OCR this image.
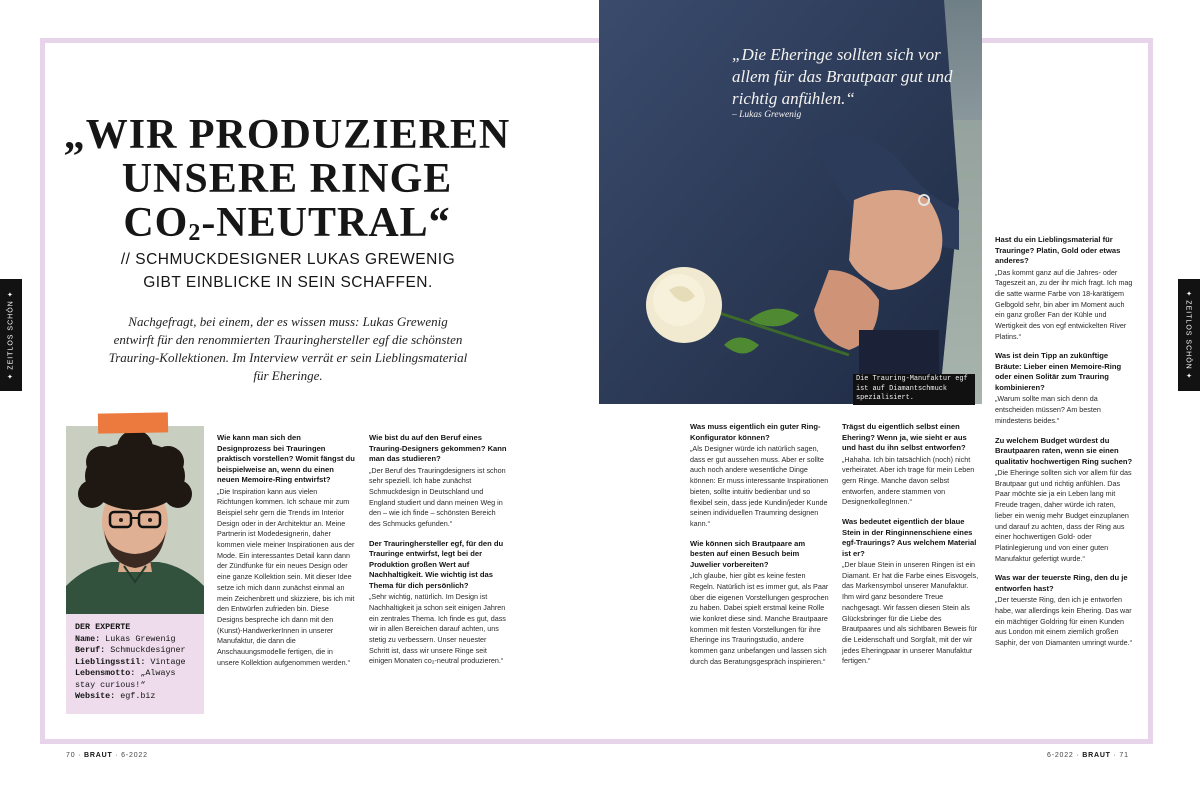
✦ ZEITLOS SCHÖN ✦	✦ ZEITLOS SCHÖN ✦
„WIR PRODUZIEREN
UNSERE RINGE
$CO_2-NEUTRAL“$
// SCHMUCKDESIGNER LUKAS GREWENIG
GIBT EINBLICKE IN SEIN SCHAFFEN.

Nachgefragt, bei einem, der es wissen muss: Lukas Grewenig entwirft für den renommierten Trauringhersteller egf die schönsten Trauring-Kollektionen. Im Interview verrät er sein Lieblingsmaterial für Eheringe.

DER EXPERTE
Name: Lukas Grewenig
Beruf: Schmuckdesigner
Lieblingsstil: Vintage
Lebensmotto: „Always stay curious!“
Website: egf.biz
Wie kann man sich den Designprozess bei Trauringen praktisch vorstellen? Womit fängst du beispielweise an, wenn du einen neuen Memoire-Ring entwirfst?
„Die Inspiration kann aus vielen Richtungen kommen. Ich schaue mir zum Beispiel sehr gern die Trends im Interior Design oder in der Architektur an. Meine Partnerin ist Modedesignerin, daher kommen viele meiner Inspirationen aus der Mode. Ein interessantes Detail kann dann der Zündfunke für ein neues Design oder eine ganze Kollektion sein. Mit dieser Idee setze ich mich dann zunächst einmal an mein Zeichenbrett und skizziere, bis ich mit den Entwürfen zufrieden bin. Diese Designs bespreche ich dann mit den (Kunst)-HandwerkerInnen in unserer Manufaktur, die dann die Anschauungsmodelle fertigen, die in unsere Kollektion aufgenommen werden.“
Wie bist du auf den Beruf eines Trauring-Designers gekommen? Kann man das studieren?
„Der Beruf des Trauringdesigners ist schon sehr speziell. Ich habe zunächst Schmuckdesign in Deutschland und England studiert und dann meinen Weg in den – wie ich finde – schönsten Bereich des Schmucks gefunden.“
Der Trauringhersteller egf, für den du Trauringe entwirfst, legt bei der Produktion großen Wert auf Nachhaltigkeit. Wie wichtig ist das Thema für dich persönlich?
„Sehr wichtig, natürlich. Im Design ist Nachhaltigkeit ja schon seit einigen Jahren ein zentrales Thema. Ich finde es gut, dass wir in allen Bereichen darauf achten, uns stetig zu verbessern. Unser neuester Schritt ist, dass wir unsere Ringe seit einigen Monaten co₂-neutral produzieren.“
Was muss eigentlich ein guter Ring-Konfigurator können?
„Als Designer würde ich natürlich sagen, dass er gut aussehen muss. Aber er sollte auch noch andere wesentliche Dinge können: Er muss interessante Inspirationen bieten, sollte intuitiv bedienbar und so flexibel sein, dass jede Kundin/jeder Kunde seinen individuellen Traumring designen kann.“
Wie können sich Brautpaare am besten auf einen Besuch beim Juwelier vorbereiten?
„Ich glaube, hier gibt es keine festen Regeln. Natürlich ist es immer gut, als Paar über die eigenen Vorstellungen gesprochen zu haben. Dabei spielt erstmal keine Rolle wie konkret diese sind. Manche Brautpaare kommen mit festen Vorstellungen für ihre Eheringe ins Trauringstudio, andere kommen ganz unbefangen und lassen sich durch das Beratungsgespräch inspirieren.“
Trägst du eigentlich selbst einen Ehering? Wenn ja, wie sieht er aus und hast du ihn selbst entworfen?
„Hahaha. Ich bin tatsächlich (noch) nicht verheiratet. Aber ich trage für mein Leben gern Ringe. Manche davon selbst entworfen, andere stammen von DesignerkollegInnen.“
Was bedeutet eigentlich der blaue Stein in der Ringinnenschiene eines egf-Traurings? Aus welchem Material ist er?
„Der blaue Stein in unseren Ringen ist ein Diamant. Er hat die Farbe eines Eisvogels, das Markensymbol unserer Manufaktur. Ihm wird ganz besondere Treue nachgesagt. Wir fassen diesen Stein als Glücksbringer für die Liebe des Brautpaares und als sichtbaren Beweis für die Leidenschaft und Sorgfalt, mit der wir jedes Eheringpaar in unserer Manufaktur fertigen.“
Hast du ein Lieblingsmaterial für Trauringe? Platin, Gold oder etwas anderes?
„Das kommt ganz auf die Jahres- oder Tageszeit an, zu der ihr mich fragt. Ich mag die satte warme Farbe von 18-karätigem Gelbgold sehr, bin aber im Moment auch ein ganz großer Fan der Kühle und Wertigkeit des von egf entwickelten River Platins.“
Was ist dein Tipp an zukünftige Bräute: Lieber einen Memoire-Ring oder einen Solitär zum Trauring kombinieren?
„Warum sollte man sich denn da entscheiden müssen? Am besten mindestens beides.“
Zu welchem Budget würdest du Brautpaaren raten, wenn sie einen qualitativ hochwertigen Ring suchen?
„Die Eheringe sollten sich vor allem für das Brautpaar gut und richtig anfühlen. Das Paar möchte sie ja ein Leben lang mit Freude tragen, daher würde ich raten, lieber ein wenig mehr Budget einzuplanen und darauf zu achten, dass der Ring aus einer hochwertigen Gold- oder Platinlegierung und von einer guten Manufaktur gefertigt wurde.“
Was war der teuerste Ring, den du je entworfen hast?
„Der teuerste Ring, den ich je entworfen habe, war allerdings kein Ehering. Das war ein mächtiger Goldring für einen Kunden aus London mit einem ziemlich großen Saphir, der von Diamanten umringt wurde.“
„Die Eheringe sollten sich vor allem für das Brautpaar gut und richtig anfühlen.“
– Lukas Grewenig
Die Trauring-Manufaktur egf ist auf Diamantschmuck spezialisiert.
70 · BRAUT · 6-2022	6-2022 · BRAUT · 71
